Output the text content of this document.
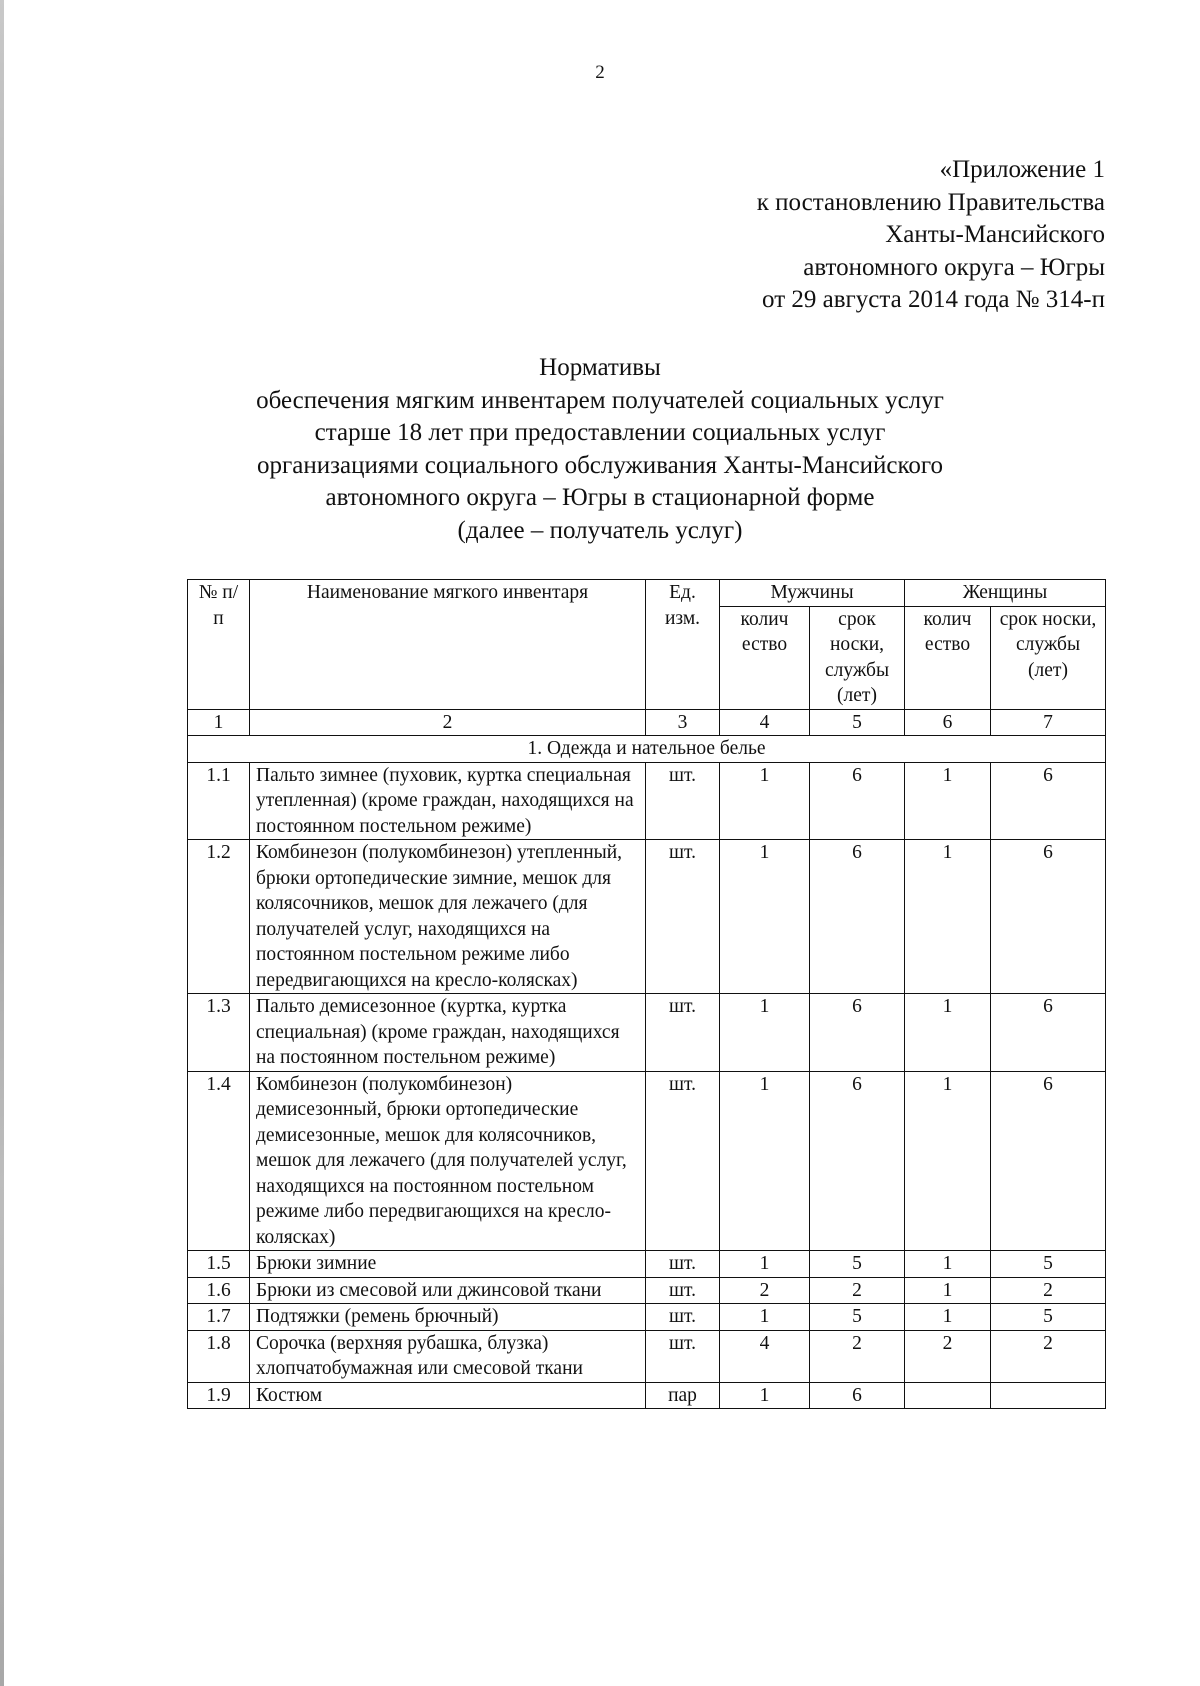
2
«Приложение 1
к постановлению Правительства
Ханты-Мансийского
автономного округа – Югры
от 29 августа 2014 года № 314-п
Нормативы
обеспечения мягким инвентарем получателей социальных услуг
старше 18 лет при предоставлении социальных услуг
организациями социального обслуживания Ханты-Мансийского
автономного округа – Югры в стационарной форме
(далее – получатель услуг)
№ п/п	Наименование мягкого инвентаря	Ед. изм.	Мужчины		Женщины	
			колич ество	срок носки, службы (лет)	колич ество	срок носки, службы (лет)
1	2	3	4	5	6	7
1. Одежда и нательное белье						
1.1	Пальто зимнее (пуховик, куртка специальная утепленная) (кроме граждан, находящихся на постоянном постельном режиме)	шт.	1	6	1	6
1.2	Комбинезон (полукомбинезон) утепленный, брюки ортопедические зимние, мешок для колясочников, мешок для лежачего (для получателей услуг, находящихся на постоянном постельном режиме либо передвигающихся на кресло-колясках)	шт.	1	6	1	6
1.3	Пальто демисезонное (куртка, куртка специальная) (кроме граждан, находящихся на постоянном постельном режиме)	шт.	1	6	1	6
1.4	Комбинезон (полукомбинезон) демисезонный, брюки ортопедические демисезонные, мешок для колясочников, мешок для лежачего (для получателей услуг, находящихся на постоянном постельном режиме либо передвигающихся на кресло-колясках)	шт.	1	6	1	6
1.5	Брюки зимние	шт.	1	5	1	5
1.6	Брюки из смесовой или джинсовой ткани	шт.	2	2	1	2
1.7	Подтяжки (ремень брючный)	шт.	1	5	1	5
1.8	Сорочка (верхняя рубашка, блузка) хлопчатобумажная или смесовой ткани	шт.	4	2	2	2
1.9	Костюм	пар	1	6		
